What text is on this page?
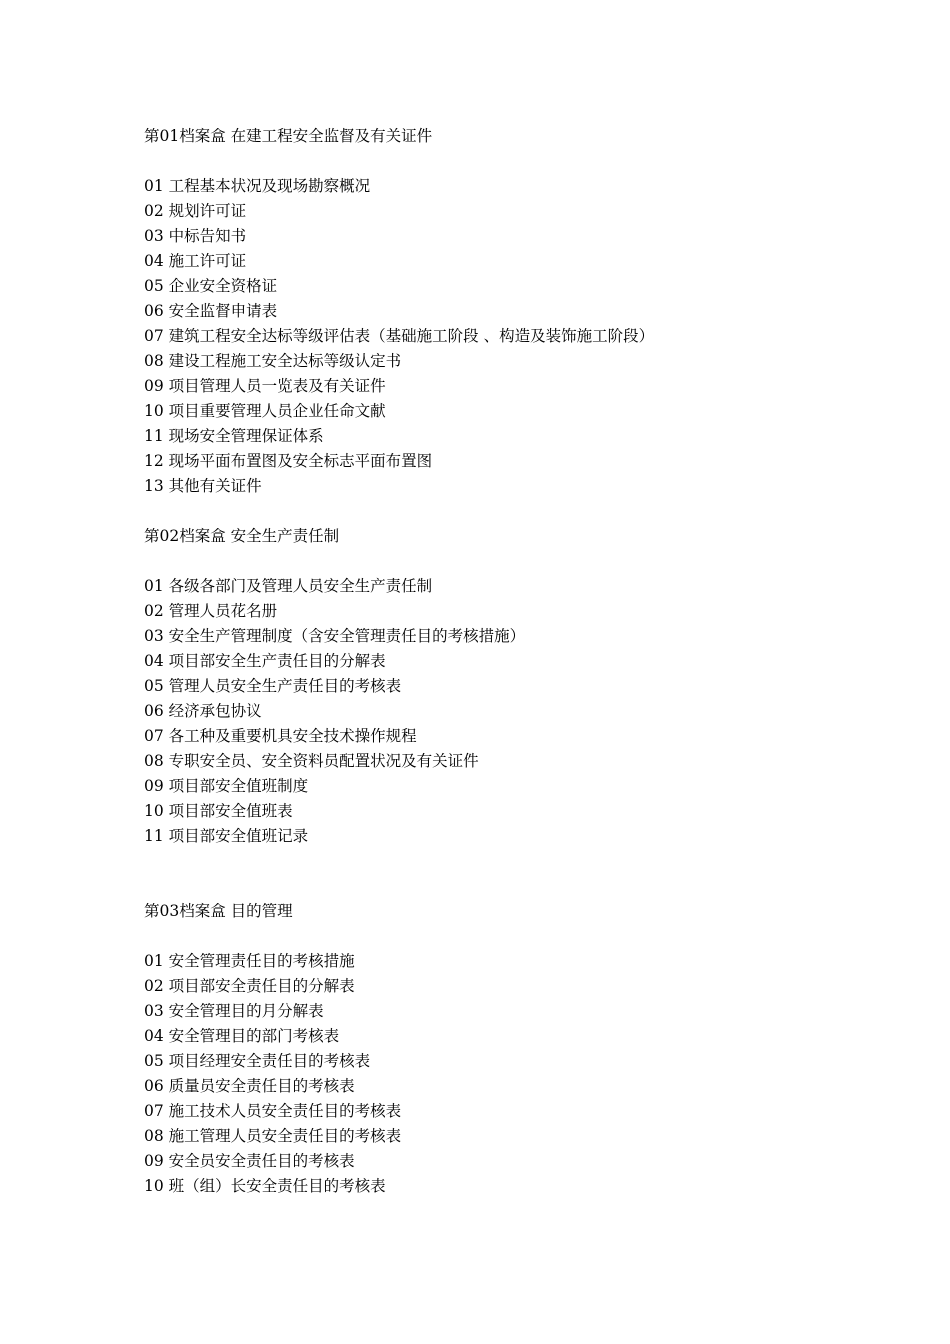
第01档案盒 在建工程安全监督及有关证件
01 工程基本状况及现场勘察概况
02 规划许可证
03 中标告知书
04 施工许可证
05 企业安全资格证
06 安全监督申请表
07 建筑工程安全达标等级评估表（基础施工阶段 、构造及装饰施工阶段）
08 建设工程施工安全达标等级认定书
09 项目管理人员一览表及有关证件
10 项目重要管理人员企业任命文献
11 现场安全管理保证体系
12 现场平面布置图及安全标志平面布置图
13 其他有关证件
第02档案盒 安全生产责任制
01 各级各部门及管理人员安全生产责任制
02 管理人员花名册
03 安全生产管理制度（含安全管理责任目的考核措施）
04 项目部安全生产责任目的分解表
05 管理人员安全生产责任目的考核表
06 经济承包协议
07 各工种及重要机具安全技术操作规程
08 专职安全员、安全资料员配置状况及有关证件
09 项目部安全值班制度
10 项目部安全值班表
11 项目部安全值班记录
第03档案盒 目的管理
01 安全管理责任目的考核措施
02 项目部安全责任目的分解表
03 安全管理目的月分解表
04 安全管理目的部门考核表
05 项目经理安全责任目的考核表
06 质量员安全责任目的考核表
07 施工技术人员安全责任目的考核表
08 施工管理人员安全责任目的考核表
09 安全员安全责任目的考核表
10 班（组）长安全责任目的考核表
